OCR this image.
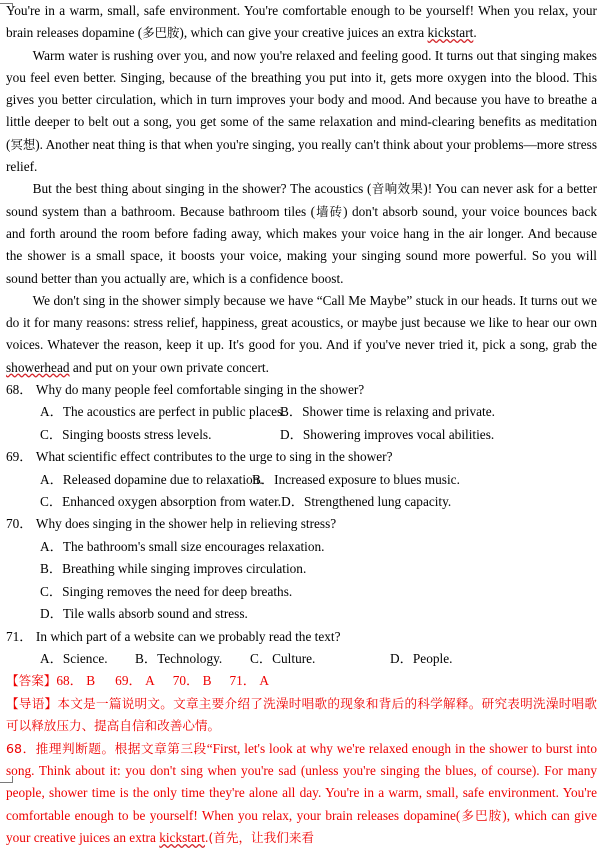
You're in a warm, small, safe environment. You're comfortable enough to be yourself! When you relax, your brain releases dopamine (多巴胺), which can give your creative juices an extra kickstart.

Warm water is rushing over you, and now you're relaxed and feeling good. It turns out that singing makes you feel even better. Singing, because of the breathing you put into it, gets more oxygen into the blood. This gives you better circulation, which in turn improves your body and mood. And because you have to breathe a little deeper to belt out a song, you get some of the same relaxation and mind-clearing benefits as meditation (冥想). Another neat thing is that when you're singing, you really can't think about your problems—more stress relief.

But the best thing about singing in the shower? The acoustics (音响效果)! You can never ask for a better sound system than a bathroom. Because bathroom tiles (墙砖) don't absorb sound, your voice bounces back and forth around the room before fading away, which makes your voice hang in the air longer. And because the shower is a small space, it boosts your voice, making your singing sound more powerful. So you will sound better than you actually are, which is a confidence boost.

We don't sing in the shower simply because we have “Call Me Maybe” stuck in our heads. It turns out we do it for many reasons: stress relief, happiness, great acoustics, or maybe just because we like to hear our own voices. Whatever the reason, keep it up. It's good for you. And if you've never tried it, pick a song, grab the showerhead and put on your own private concert.

68． Why do many people feel comfortable singing in the shower?

A．The acoustics are perfect in public places.B．Shower time is relaxing and private.
C．Singing boosts stress levels.	D．Showering improves vocal abilities.

69． What scientific effect contributes to the urge to sing in the shower?

A．Released dopamine due to relaxation.B．Increased exposure to blues music.
C．Enhanced oxygen absorption from water.D．Strengthened lung capacity.

70． Why does singing in the shower help in relieving stress?

A．The bathroom's small size encourages relaxation.
B．Breathing while singing improves circulation.
C．Singing removes the need for deep breaths.
D．Tile walls absorb sound and stress.

71． In which part of a website can we probably read the text?

A．Science. B．Technology. C．Culture.	D．People.

【答案】68． B 69． A 70． B 71． A

【导语】本文是一篇说明文。文章主要介绍了洗澡时唱歌的现象和背后的科学解释。研究表明洗澡时唱歌可以释放压力、提高自信和改善心情。

68．推理判断题。根据文章第三段“First, let's look at why we're relaxed enough in the shower to burst into song. Think about it: you don't sing when you're sad (unless you're singing the blues, of course). For many people, shower time is the only time they're alone all day. You're in a warm, small, safe environment. You're comfortable enough to be yourself! When you relax, your brain releases dopamine(多巴胺), which can give your creative juices an extra kickstart.(首先，让我们来看
